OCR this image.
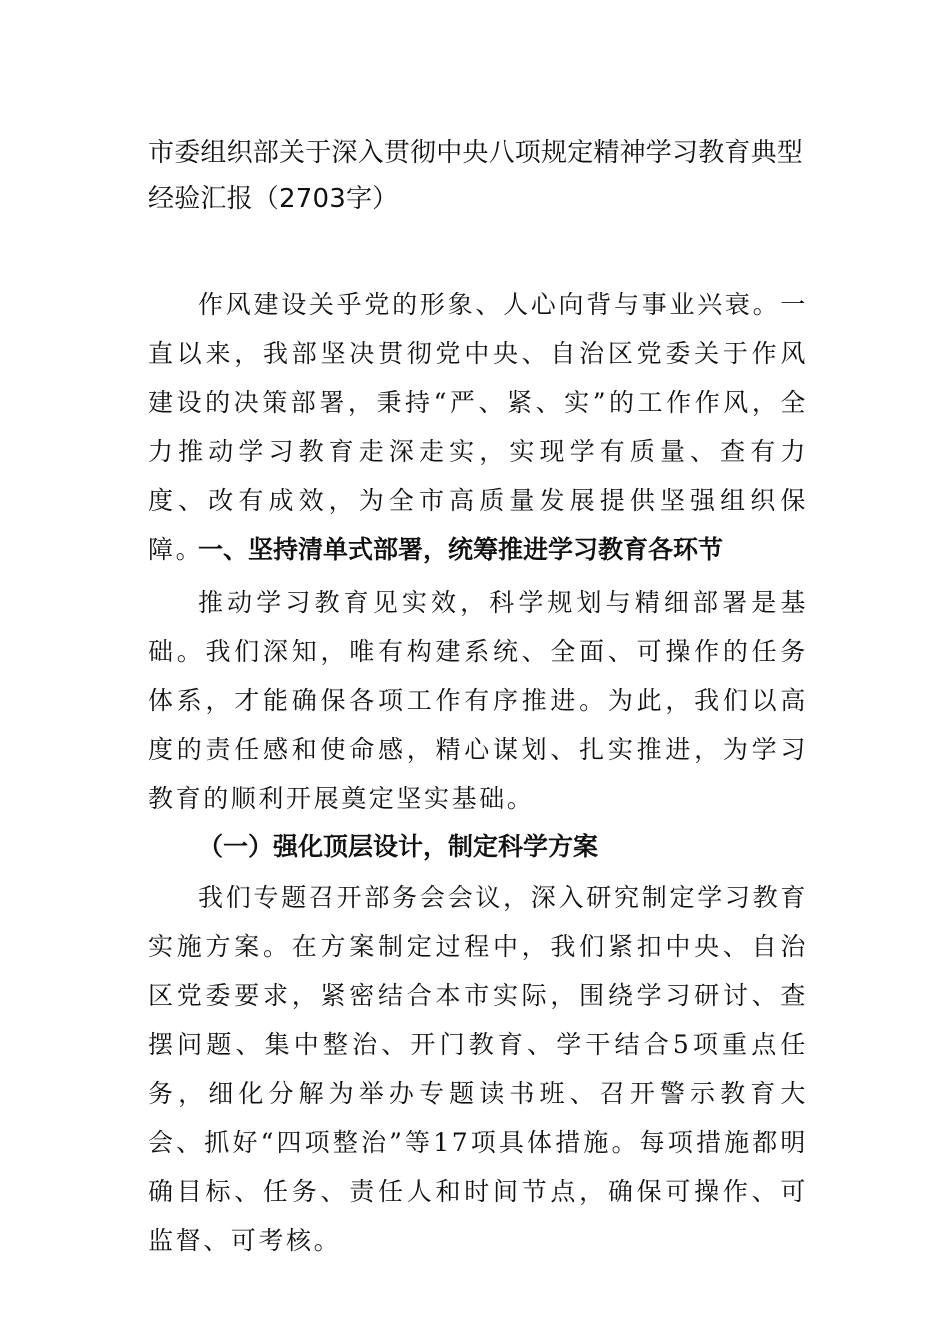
市委组织部关于深入贯彻中央八项规定精神学习教育典型经验汇报（2703字）

作风建设关乎党的形象、人心向背与事业兴衰。一直以来，我部坚决贯彻党中央、自治区党委关于作风建设的决策部署，秉持“严、紧、实”的工作作风，全力推动学习教育走深走实，实现学有质量、查有力度、改有成效，为全市高质量发展提供坚强组织保障。

一、坚持清单式部署，统筹推进学习教育各环节

推动学习教育见实效，科学规划与精细部署是基础。我们深知，唯有构建系统、全面、可操作的任务体系，才能确保各项工作有序推进。为此，我们以高度的责任感和使命感，精心谋划、扎实推进，为学习教育的顺利开展奠定坚实基础。

（一）强化顶层设计，制定科学方案

我们专题召开部务会会议，深入研究制定学习教育实施方案。在方案制定过程中，我们紧扣中央、自治区党委要求，紧密结合本市实际，围绕学习研讨、查摆问题、集中整治、开门教育、学干结合5项重点任务，细化分解为举办专题读书班、召开警示教育大会、抓好“四项整治”等17项具体措施。每项措施都明确目标、任务、责任人和时间节点，确保可操作、可监督、可考核。
